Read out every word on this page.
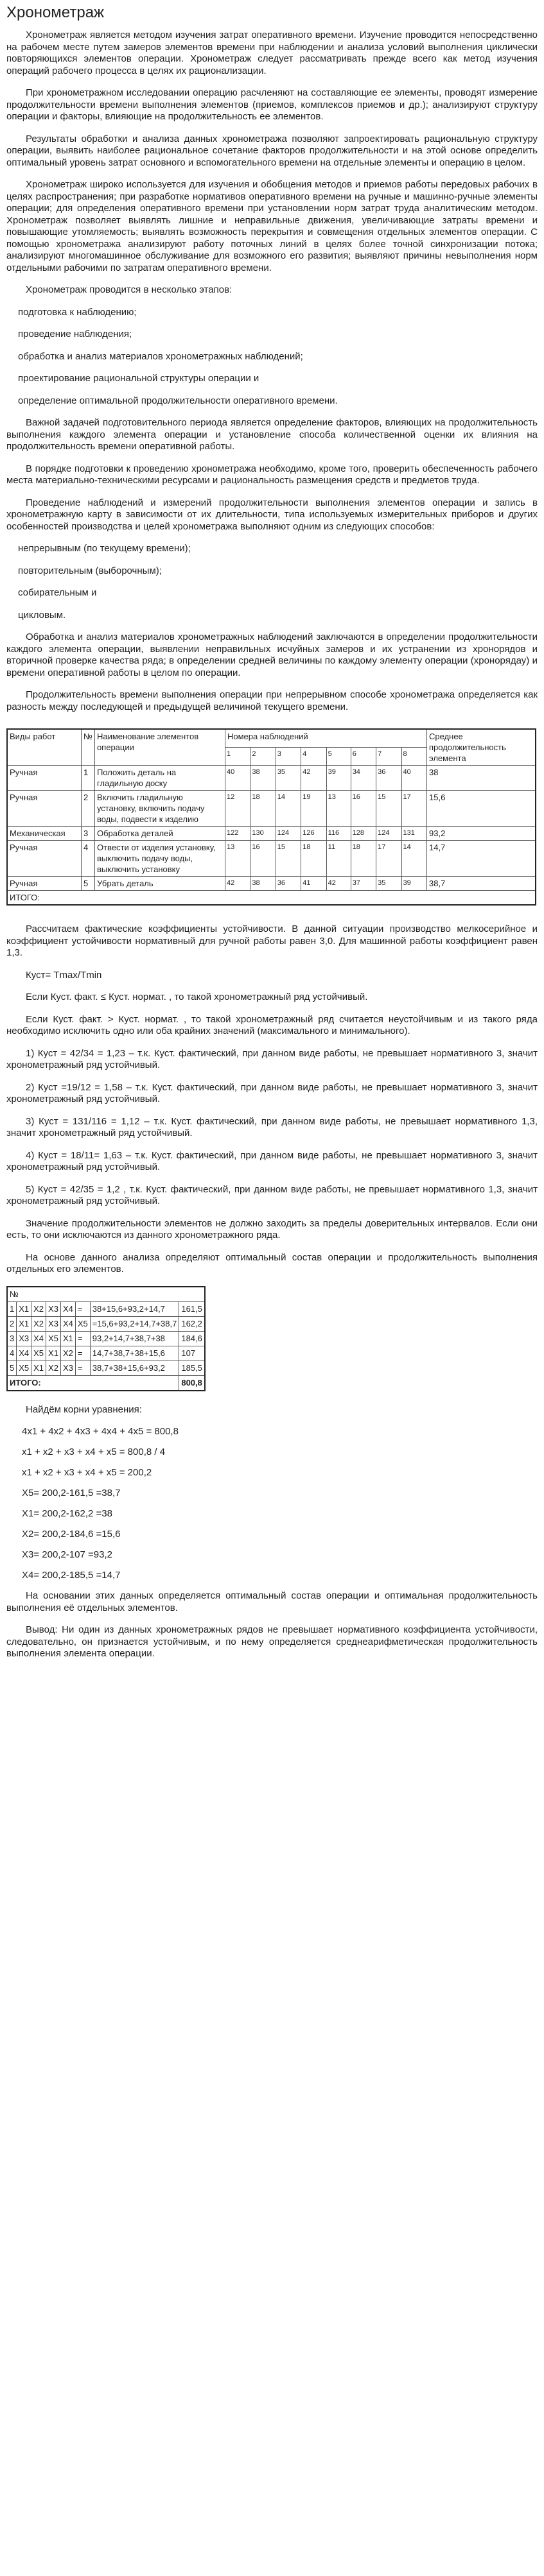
Хронометраж

Хронометраж является методом изучения затрат оперативного времени. Изучение проводится непосредственно на рабочем месте путем замеров элементов времени при наблюдении и анализа условий выполнения циклически повторяющихся элементов операции. Хронометраж следует рассматривать прежде всего как метод изучения операций рабочего процесса в целях их рационализации.

При хронометражном исследовании операцию расчленяют на составляющие ее элементы, проводят измерение продолжительности времени выполнения элементов (приемов, комплексов приемов и др.); анализируют структуру операции и факторы, влияющие на продолжительность ее элементов.

Результаты обработки и анализа данных хронометража позволяют запроектировать рациональную структуру операции, выявить наиболее рациональное сочетание факторов продолжительности и на этой основе определить оптимальный уровень затрат основного и вспомогательного времени на отдельные элементы и операцию в целом.

Хронометраж широко используется для изучения и обобщения методов и приемов работы передовых рабочих в целях распространения; при разработке нормативов оперативного времени на ручные и машинно-ручные элементы операции; для определения оперативного времени при установлении норм затрат труда аналитическим методом. Хронометраж позволяет выявлять лишние и неправильные движения, увеличивающие затраты времени и повышающие утомляемость; выявлять возможность перекрытия и совмещения отдельных элементов операции. С помощью хронометража анализируют работу поточных линий в целях более точной синхронизации потока; анализируют многомашинное обслуживание для возможного его развития; выявляют причины невыполнения норм отдельными рабочими по затратам оперативного времени.

Хронометраж проводится в несколько этапов:

подготовка к наблюдению;

проведение наблюдения;

обработка и анализ материалов хронометражных наблюдений;

проектирование рациональной структуры операции и

определение оптимальной продолжительности оперативного времени.

Важной задачей подготовительного периода является определение факторов, влияющих на продолжительность выполнения каждого элемента операции и установление способа количественной оценки их влияния на продолжительность времени оперативной работы.

В порядке подготовки к проведению хронометража необходимо, кроме того, проверить обеспеченность рабочего места материально-техническими ресурсами и рациональность размещения средств и предметов труда.

Проведение наблюдений и измерений продолжительности выполнения элементов операции и запись в хронометражную карту в зависимости от их длительности, типа используемых измерительных приборов и других особенностей производства и целей хронометража выполняют одним из следующих способов:

непрерывным (по текущему времени);

повторительным (выборочным);

собирательным и

цикловым.

Обработка и анализ материалов хронометражных наблюдений заключаются в определении продолжительности каждого элемента операции, выявлении неправильных исчуйных замеров и их устранении из хронорядов и вторичной проверке качества ряда; в определении средней величины по каждому элементу операции (хронорядау) и времени оперативной работы в целом по операции.

Продолжительность времени выполнения операции при непрерывном способе хронометража определяется как разность между последующей и предыдущей величиной текущего времени.

Виды работ	№	Наименование элементов операции	Номера наблюдений								Среднее продолжительность элемента
			1	2	3	4	5	6	7	8	
Ручная	1	Положить деталь на гладильную доску	40	38	35	42	39	34	36	40	38
Ручная	2	Включить гладильную установку, включить подачу воды, подвести к изделию	12	18	14	19	13	16	15	17	15,6
Механическая	3	Обработка деталей	122	130	124	126	116	128	124	131	93,2
Ручная	4	Отвести от изделия установку, выключить подачу воды, выключить установку	13	16	15	18	11	18	17	14	14,7
Ручная	5	Убрать деталь	42	38	36	41	42	37	35	39	38,7
ИТОГО:											

Рассчитаем фактические коэффициенты устойчивости. В данной ситуации производство мелкосерийное и коэффициент устойчивости нормативный для ручной работы равен 3,0. Для машинной работы коэффициент равен 1,3.

Куст= Тmax/Тmin

Если Куст. факт. ≤ Куст. нормат. , то такой хронометражный ряд устойчивый.

Если Куст. факт. > Куст. нормат. , то такой хронометражный ряд считается неустойчивым и из такого ряда необходимо исключить одно или оба крайних значений (максимального и минимального).

1) Куст = 42/34 = 1,23 – т.к. Куст. фактический, при данном виде работы, не превышает нормативного 3, значит хронометражный ряд устойчивый.

2) Куст =19/12 = 1,58 – т.к. Куст. фактический, при данном виде работы, не превышает нормативного 3, значит хронометражный ряд устойчивый.

3) Куст = 131/116 = 1,12 – т.к. Куст. фактический, при данном виде работы, не превышает нормативного 1,3, значит хронометражный ряд устойчивый.

4) Куст = 18/11= 1,63 – т.к. Куст. фактический, при данном виде работы, не превышает нормативного 3, значит хронометражный ряд устойчивый.

5) Куст = 42/35 = 1,2 , т.к. Куст. фактический, при данном виде работы, не превышает нормативного 1,3, значит хронометражный ряд устойчивый.

Значение продолжительности элементов не должно заходить за пределы доверительных интервалов. Если они есть, то они исключаются из данного хронометражного ряда.

На основе данного анализа определяют оптимальный состав операции и продолжительность выполнения отдельных его элементов.

№							
1	X1	X2	X3	X4	=	38+15,6+93,2+14,7	161,5
2	X1	X2	X3	X4	X5	=15,6+93,2+14,7+38,7	162,2
3	X3	X4	X5	X1	=	93,2+14,7+38,7+38	184,6
4	X4	X5	X1	X2	=	14,7+38,7+38+15,6	107
5	X5	X1	X2	X3	=	38,7+38+15,6+93,2	185,5
ИТОГО:							800,8

Найдём корни уравнения:

4x1 + 4x2 + 4x3 + 4x4 + 4x5 = 800,8

x1 + x2 + x3 + x4 + x5 = 800,8 / 4

x1 + x2 + x3 + x4 + x5 = 200,2

X5= 200,2-161,5 =38,7

X1= 200,2-162,2 =38

X2= 200,2-184,6 =15,6

X3= 200,2-107 =93,2

X4= 200,2-185,5 =14,7

На основании этих данных определяется оптимальный состав операции и оптимальная продолжительность выполнения её отдельных элементов.

Вывод: Ни один из данных хронометражных рядов не превышает нормативного коэффициента устойчивости, следовательно, он признается устойчивым, и по нему определяется среднеарифметическая продолжительность выполнения элемента операции.
